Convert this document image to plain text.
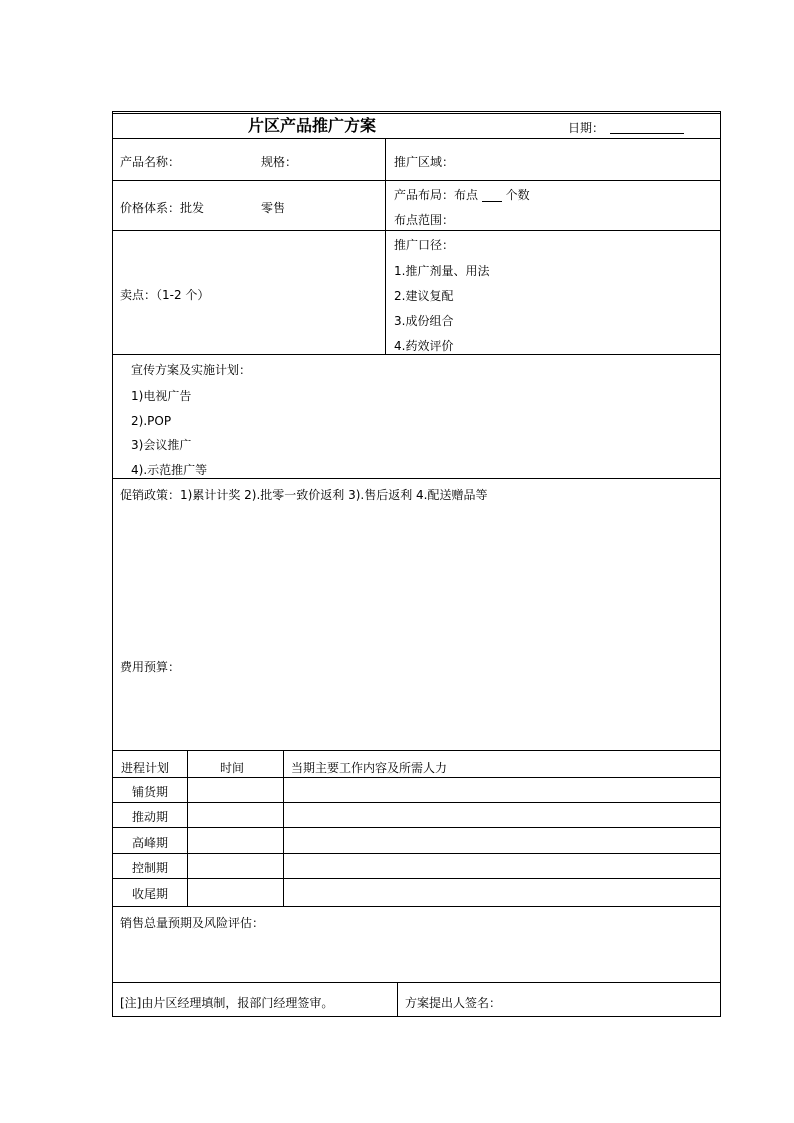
片区产品推广方案	日期：
产品名称：	规格：	推广区域：
价格体系：批发	零售
产品布局：布点 个数
布点范围：
卖点：（1-2 个）
推广口径：
1.推广剂量、用法
2.建议复配
3.成份组合
4.药效评价
宣传方案及实施计划：
1)电视广告
2).POP
3)会议推广
4).示范推广等
促销政策：1)累计计奖 2).批零一致价返利 3).售后返利 4.配送赠品等
费用预算：
进程计划	时间	当期主要工作内容及所需人力
铺货期
推动期
高峰期
控制期
收尾期
销售总量预期及风险评估：
[注]由片区经理填制，报部门经理签审。	方案提出人签名：
